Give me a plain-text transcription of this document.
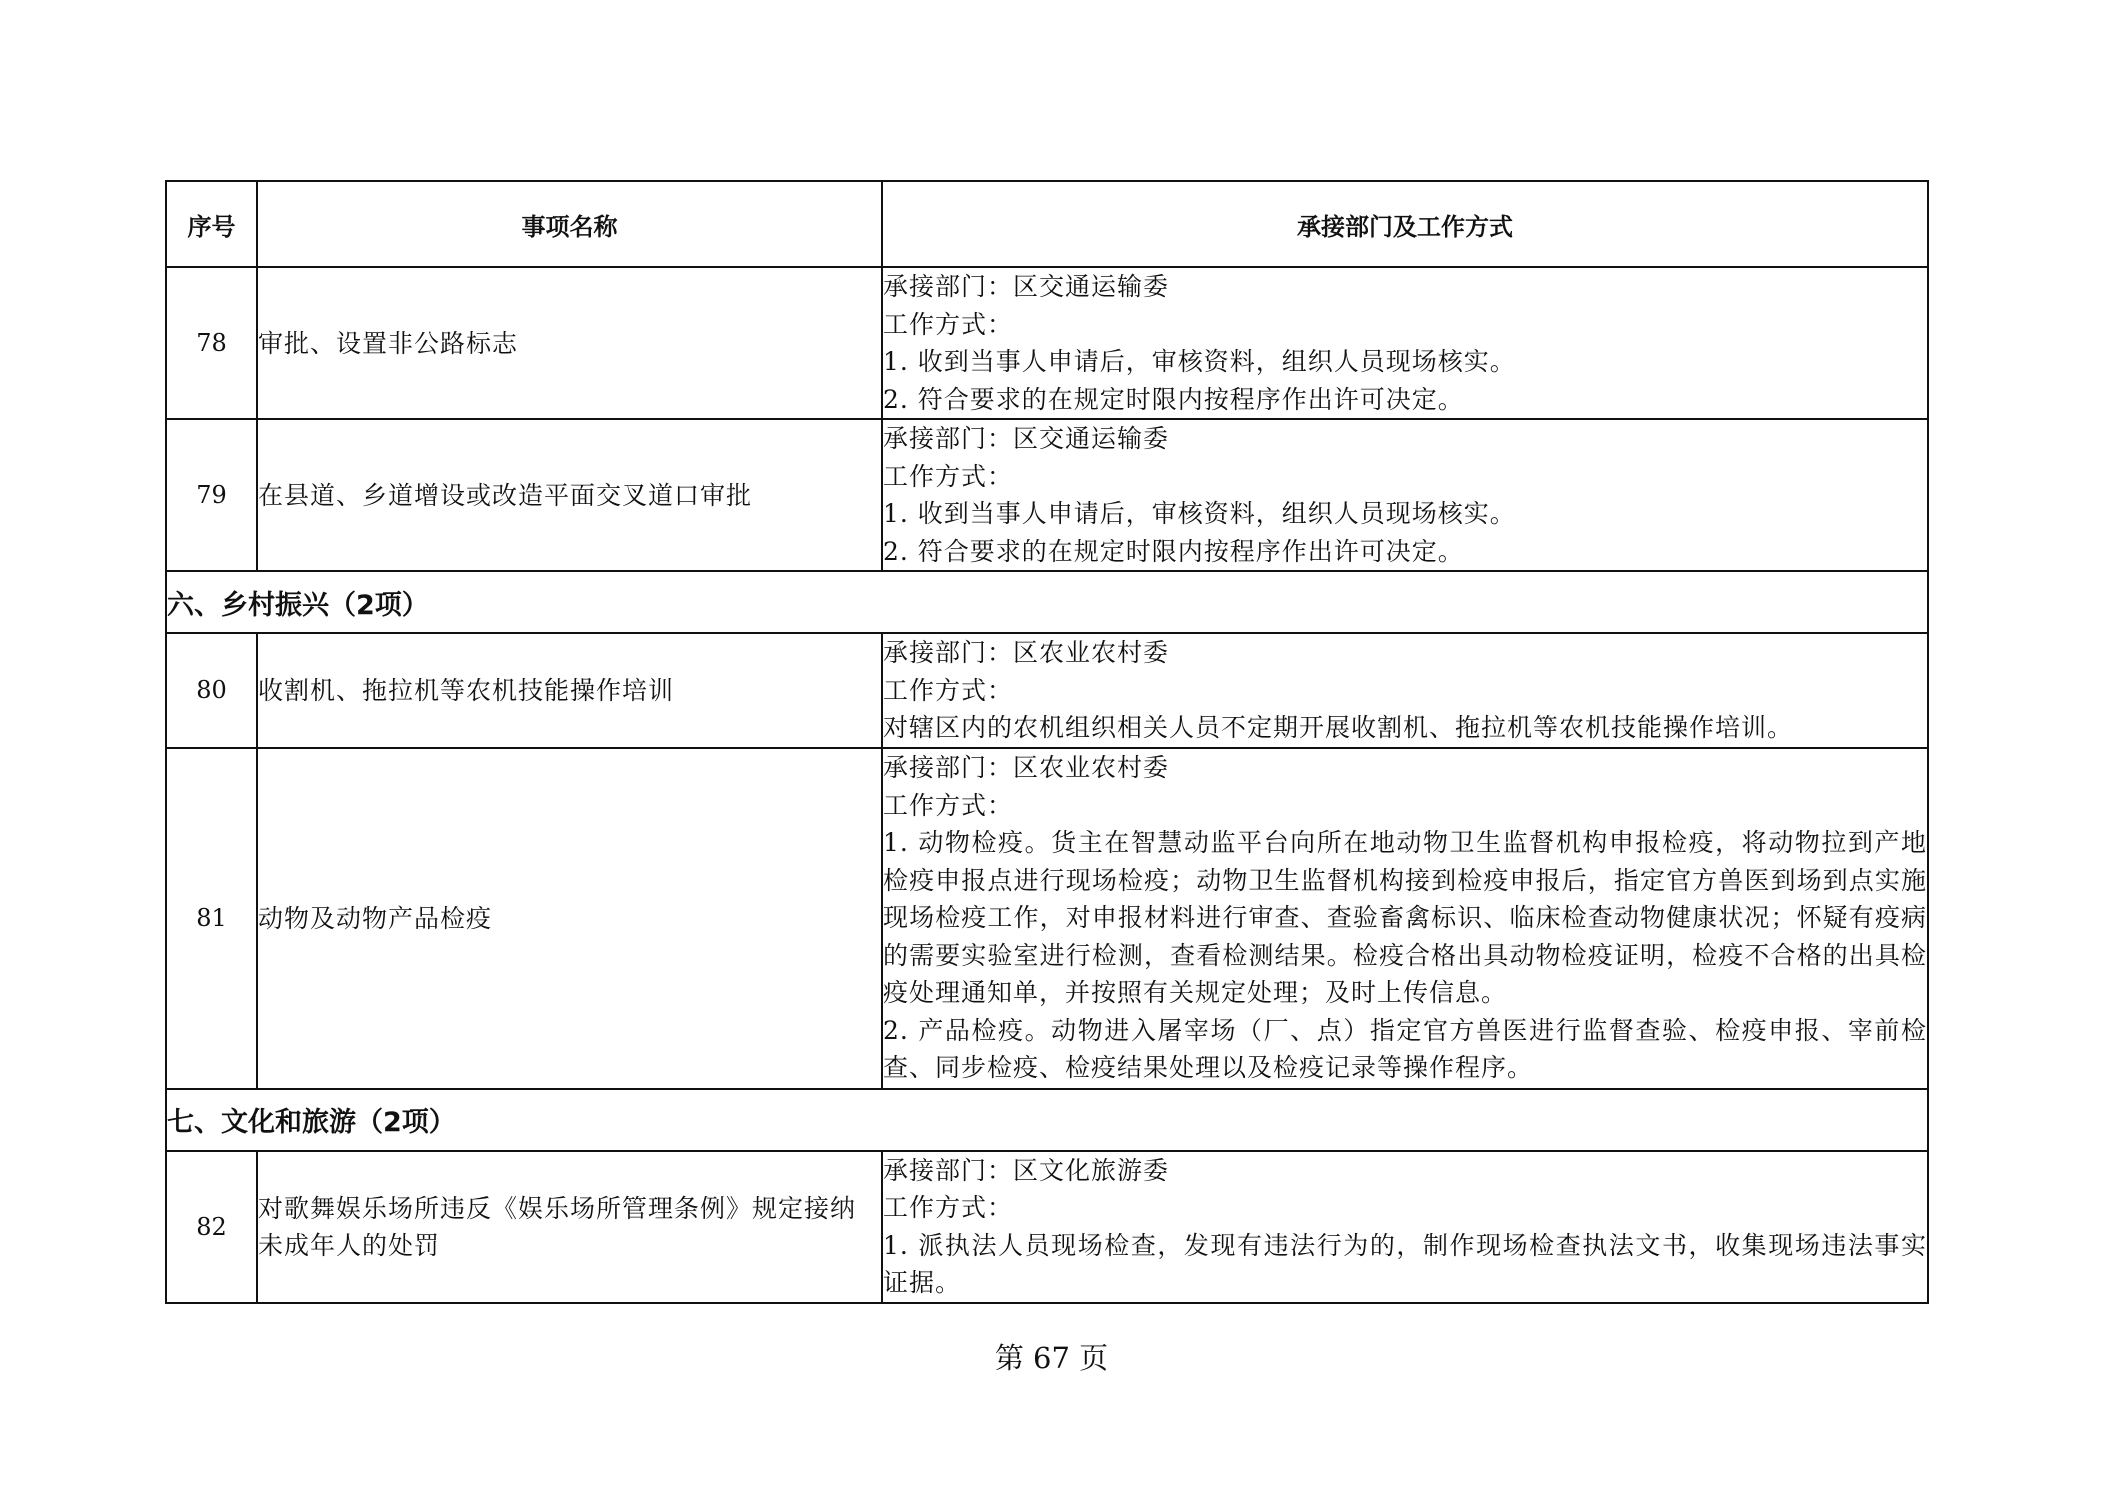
序号	事项名称	承接部门及工作方式
78	审批、设置非公路标志	承接部门：区交通运输委
工作方式：
1. 收到当事人申请后，审核资料，组织人员现场核实。
2. 符合要求的在规定时限内按程序作出许可决定。

79	在县道、乡道增设或改造平面交叉道口审批	承接部门：区交通运输委
工作方式：
1. 收到当事人申请后，审核资料，组织人员现场核实。
2. 符合要求的在规定时限内按程序作出许可决定。

六、乡村振兴（2项）		
80	收割机、拖拉机等农机技能操作培训	承接部门：区农业农村委
工作方式：
对辖区内的农机组织相关人员不定期开展收割机、拖拉机等农机技能操作培训。

81	动物及动物产品检疫	承接部门：区农业农村委
工作方式：
1. 动物检疫。货主在智慧动监平台向所在地动物卫生监督机构申报检疫，将动物拉到产地检疫申报点进行现场检疫；动物卫生监督机构接到检疫申报后，指定官方兽医到场到点实施现场检疫工作，对申报材料进行审查、查验畜禽标识、临床检查动物健康状况；怀疑有疫病的需要实验室进行检测，查看检测结果。检疫合格出具动物检疫证明，检疫不合格的出具检疫处理通知单，并按照有关规定处理；及时上传信息。
2. 产品检疫。动物进入屠宰场（厂、点）指定官方兽医进行监督查验、检疫申报、宰前检查、同步检疫、检疫结果处理以及检疫记录等操作程序。

七、文化和旅游（2项）		
82	对歌舞娱乐场所违反《娱乐场所管理条例》规定接纳未成年人的处罚	承接部门：区文化旅游委
工作方式：
1. 派执法人员现场检查，发现有违法行为的，制作现场检查执法文书，收集现场违法事实证据。
第 67 页
